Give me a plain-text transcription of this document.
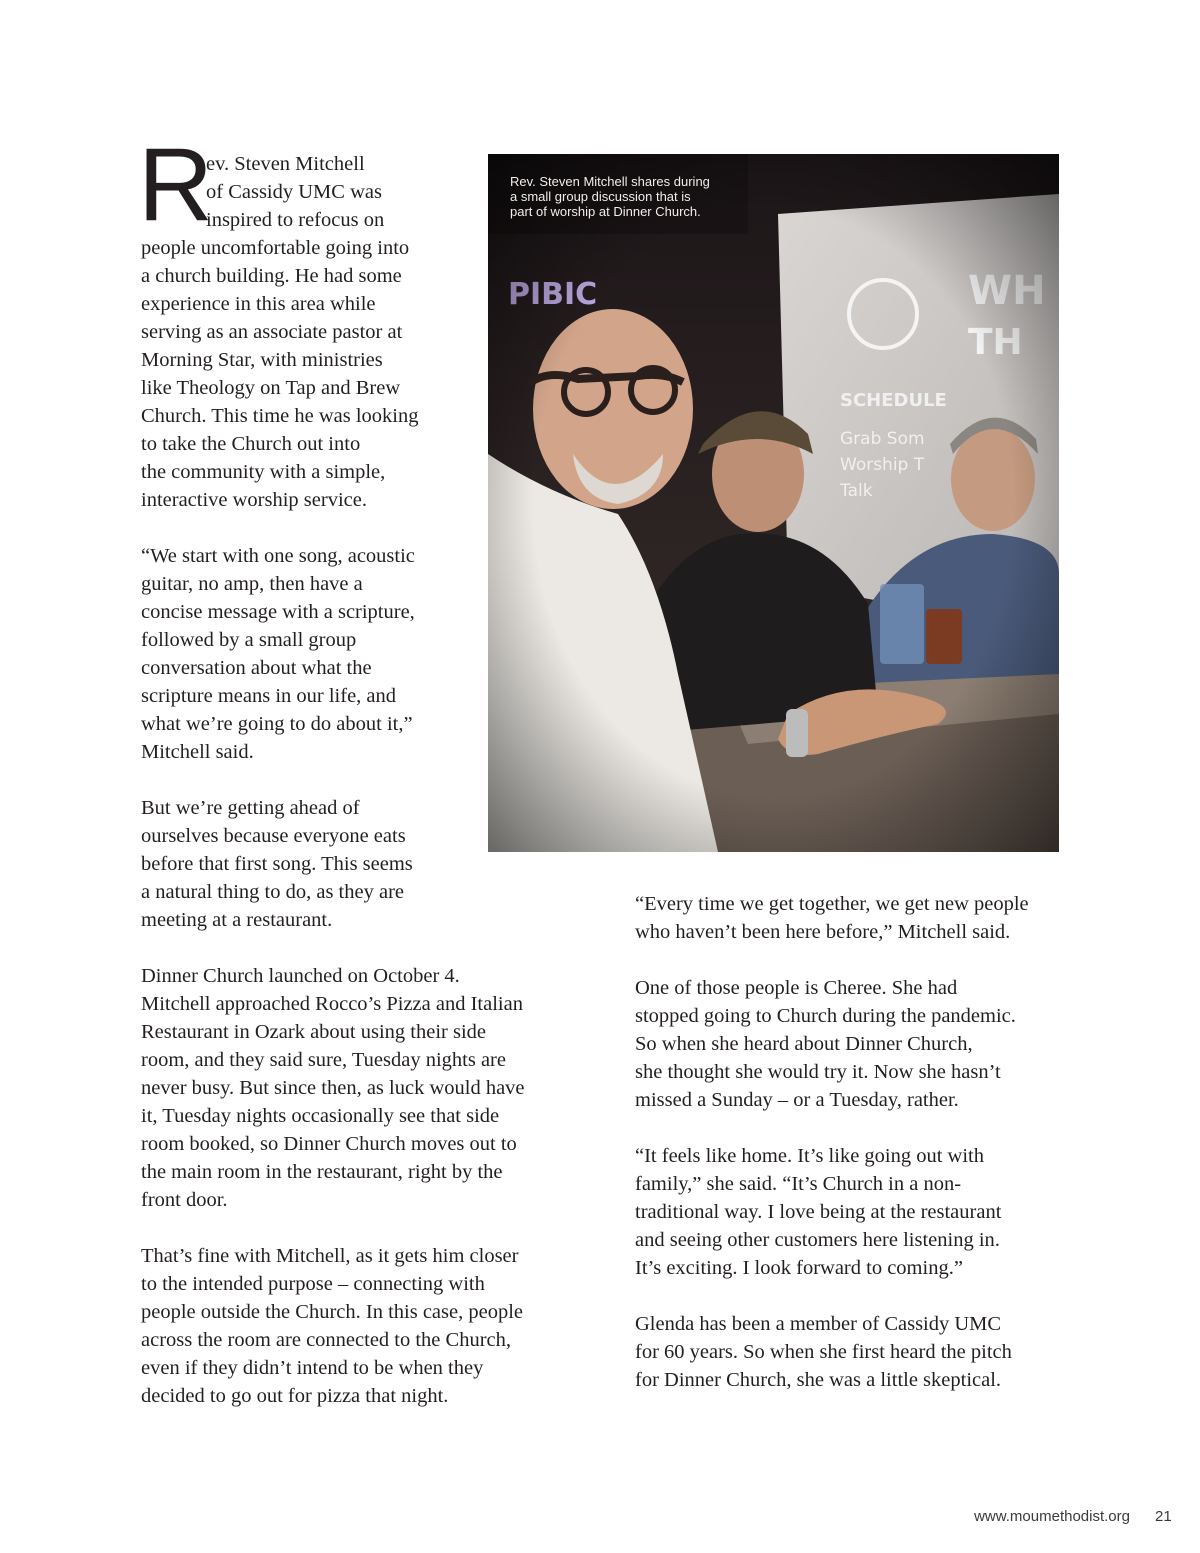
R

ev. Steven Mitchell

of Cassidy UMC was

inspired to refocus on

people uncomfortable going into

a church building. He had some

experience in this area while

serving as an associate pastor at

Morning Star, with ministries

like Theology on Tap and Brew

Church. This time he was looking

to take the Church out into

the community with a simple,

interactive worship service.

“We start with one song, acoustic

guitar, no amp, then have a

concise message with a scripture,

followed by a small group

conversation about what the

scripture means in our life, and

what we’re going to do about it,”

Mitchell said.

But we’re getting ahead of

ourselves because everyone eats

before that first song. This seems

a natural thing to do, as they are

meeting at a restaurant.

Dinner Church launched on October 4.

Mitchell approached Rocco’s Pizza and Italian

Restaurant in Ozark about using their side

room, and they said sure, Tuesday nights are

never busy. But since then, as luck would have

it, Tuesday nights occasionally see that side

room booked, so Dinner Church moves out to

the main room in the restaurant, right by the

front door.

That’s fine with Mitchell, as it gets him closer

to the intended purpose – connecting with

people outside the Church. In this case, people

across the room are connected to the Church,

even if they didn’t intend to be when they

decided to go out for pizza that night.

“Every time we get together, we get new people

who haven’t been here before,” Mitchell said.

One of those people is Cheree. She had

stopped going to Church during the pandemic.

So when she heard about Dinner Church,

she thought she would try it. Now she hasn’t

missed a Sunday – or a Tuesday, rather.

“It feels like home. It’s like going out with

family,” she said. “It’s Church in a non-

traditional way. I love being at the restaurant

and seeing other customers here listening in.

It’s exciting. I look forward to coming.”

Glenda has been a member of Cassidy UMC

for 60 years. So when she first heard the pitch

for Dinner Church, she was a little skeptical.

Rev. Steven Mitchell shares during
a small group discussion that is
part of worship at Dinner Church.
www.moumethodist.org 21
